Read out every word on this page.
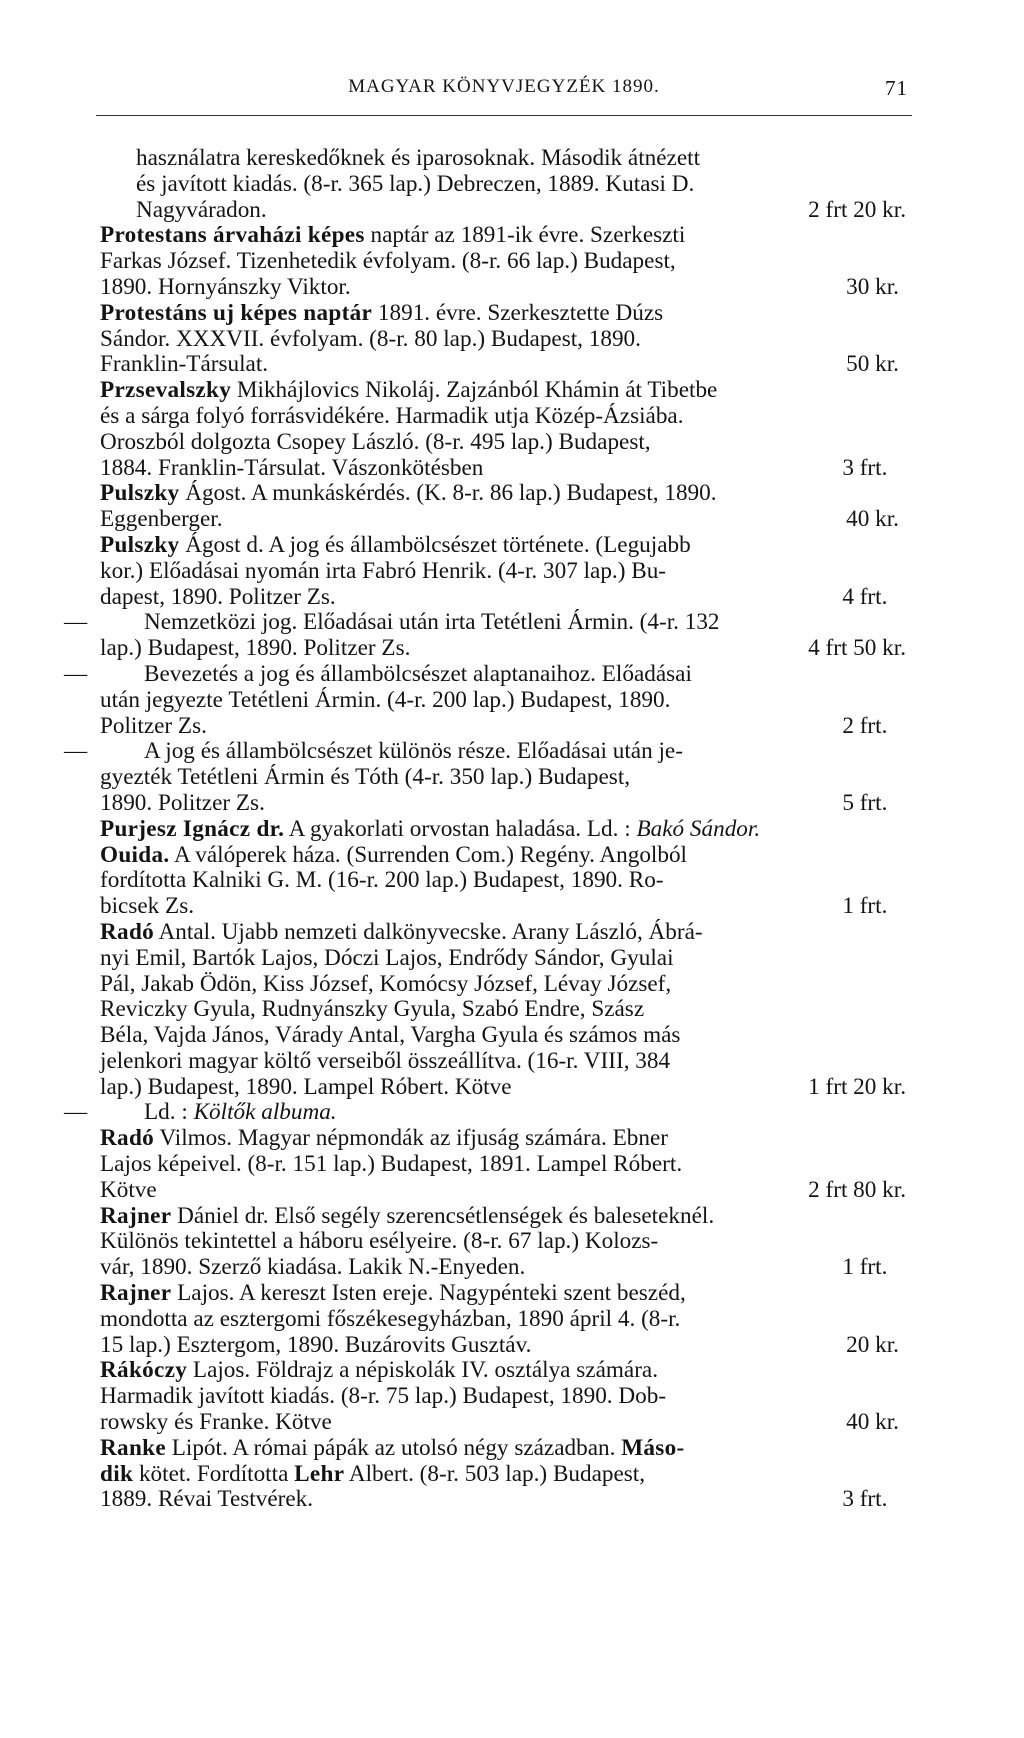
MAGYAR KÖNYVJEGYZÉK 1890.	71
használatra kereskedőknek és iparosoknak. Második átnézett
és javított kiadás. (8-r. 365 lap.) Debreczen, 1889. Kutasi D.
Nagyváradon.	2 frt 20 kr.
Protestans árvaházi képes naptár az 1891-ik évre. Szerkeszti
Farkas József. Tizenhetedik évfolyam. (8-r. 66 lap.) Budapest,
1890. Hornyánszky Viktor.	30 kr.
Protestáns uj képes naptár 1891. évre. Szerkesztette Dúzs
Sándor. XXXVII. évfolyam. (8-r. 80 lap.) Budapest, 1890.
Franklin-Társulat.	50 kr.
Przsevalszky Mikhájlovics Nikoláj. Zajzánból Khámin át Tibetbe
és a sárga folyó forrásvidékére. Harmadik utja Közép-Ázsiába.
Oroszból dolgozta Csopey László. (8-r. 495 lap.) Budapest,
1884. Franklin-Társulat. Vászonkötésben	3 frt.
Pulszky Ágost. A munkáskérdés. (K. 8-r. 86 lap.) Budapest, 1890.
Eggenberger.	40 kr.
Pulszky Ágost d. A jog és állambölcsészet története. (Legujabb
kor.) Előadásai nyomán irta Fabró Henrik. (4-r. 307 lap.) Bu-
dapest, 1890. Politzer Zs.	4 frt.
— Nemzetközi jog. Előadásai után irta Tetétleni Ármin. (4-r. 132
lap.) Budapest, 1890. Politzer Zs.	4 frt 50 kr.
— Bevezetés a jog és állambölcsészet alaptanaihoz. Előadásai
után jegyezte Tetétleni Ármin. (4-r. 200 lap.) Budapest, 1890.
Politzer Zs.	2 frt.
— A jog és állambölcsészet különös része. Előadásai után je-
gyezték Tetétleni Ármin és Tóth (4-r. 350 lap.) Budapest,
1890. Politzer Zs.	5 frt.
Purjesz Ignácz dr. A gyakorlati orvostan haladása. Ld. : Bakó Sándor.
Ouida. A válóperek háza. (Surrenden Com.) Regény. Angolból
fordította Kalniki G. M. (16-r. 200 lap.) Budapest, 1890. Ro-
bicsek Zs.	1 frt.
Radó Antal. Ujabb nemzeti dalkönyvecske. Arany László, Ábrá-
nyi Emil, Bartók Lajos, Dóczi Lajos, Endrődy Sándor, Gyulai
Pál, Jakab Ödön, Kiss József, Komócsy József, Lévay József,
Reviczky Gyula, Rudnyánszky Gyula, Szabó Endre, Szász
Béla, Vajda János, Várady Antal, Vargha Gyula és számos más
jelenkori magyar költő verseiből összeállítva. (16-r. VIII, 384
lap.) Budapest, 1890. Lampel Róbert. Kötve	1 frt 20 kr.
— Ld. : Költők albuma.
Radó Vilmos. Magyar népmondák az ifjuság számára. Ebner
Lajos képeivel. (8-r. 151 lap.) Budapest, 1891. Lampel Róbert.
Kötve	2 frt 80 kr.
Rajner Dániel dr. Első segély szerencsétlenségek és baleseteknél.
Különös tekintettel a háboru esélyeire. (8-r. 67 lap.) Kolozs-
vár, 1890. Szerző kiadása. Lakik N.-Enyeden.	1 frt.
Rajner Lajos. A kereszt Isten ereje. Nagypénteki szent beszéd,
mondotta az esztergomi főszékesegyházban, 1890 ápril 4. (8-r.
15 lap.) Esztergom, 1890. Buzárovits Gusztáv.	20 kr.
Rákóczy Lajos. Földrajz a népiskolák IV. osztálya számára.
Harmadik javított kiadás. (8-r. 75 lap.) Budapest, 1890. Dob-
rowsky és Franke. Kötve	40 kr.
Ranke Lipót. A római pápák az utolsó négy században. Máso-
dik kötet. Fordította Lehr Albert. (8-r. 503 lap.) Budapest,
1889. Révai Testvérek.	3 frt.
